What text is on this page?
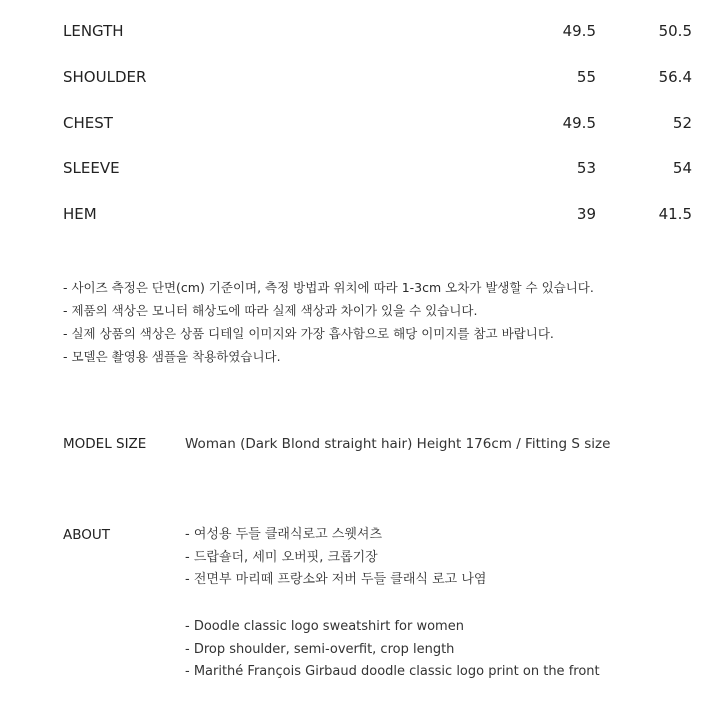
LENGTH	49.5	50.5
SHOULDER	55	56.4
CHEST	49.5	52
SLEEVE	53	54
HEM	39	41.5
- 사이즈 측정은 단면(cm) 기준이며, 측정 방법과 위치에 따라 1-3cm 오차가 발생할 수 있습니다.
- 제품의 색상은 모니터 해상도에 따라 실제 색상과 차이가 있을 수 있습니다.
- 실제 상품의 색상은 상품 디테일 이미지와 가장 흡사함으로 해당 이미지를 참고 바랍니다.
- 모델은 촬영용 샘플을 착용하였습니다.
MODEL SIZE	Woman (Dark Blond straight hair) Height 176cm / Fitting S size
ABOUT	- 여성용 두들 클래식로고 스웻셔츠
- 드랍숄더, 세미 오버핏, 크롭기장
- 전면부 마리떼 프랑소와 저버 두들 클래식 로고 나염
- Doodle classic logo sweatshirt for women
- Drop shoulder, semi-overfit, crop length
- Marithé François Girbaud doodle classic logo print on the front
